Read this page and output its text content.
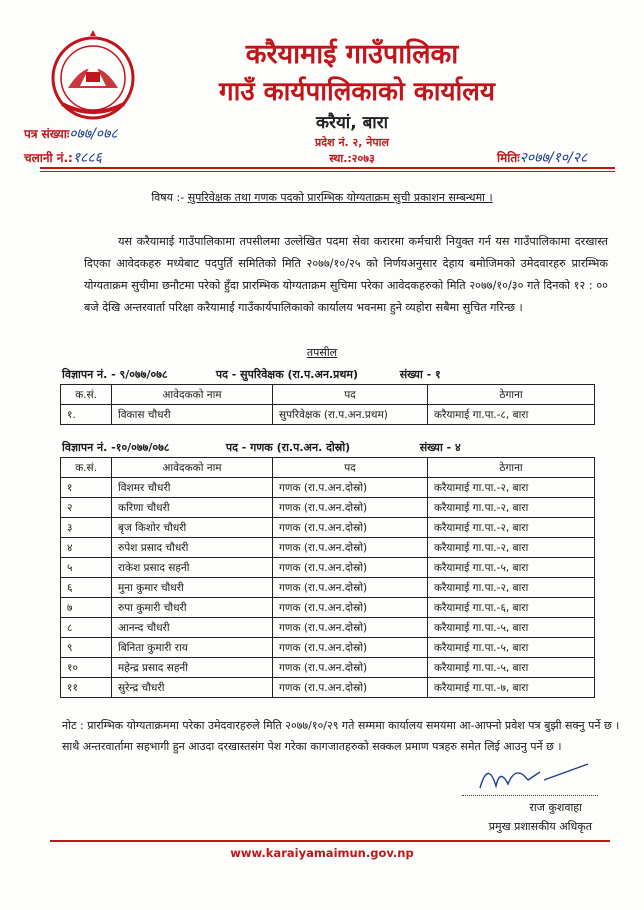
करैयामाई गाउँपालिका
गाउँ कार्यपालिकाको कार्यालय
करैयां, बारा
प्रदेश नं. २, नेपाल
स्था.:२०७३
पत्र संख्याः०७७/०७८
चलानी नं.:१८८६	मितिः२०७७/१०/२८
विषय :- सुपरिवेक्षक तथा गणक पदको प्रारम्भिक योग्यताक्रम सुची प्रकाशन सम्बन्धमा ।
यस करैयामाई गाउँपालिकामा तपसीलमा उल्लेखित पदमा सेवा करारमा कर्मचारी नियुक्त गर्न यस गाउँपालिकामा दरखास्त दिएका आवेदकहरु मध्येबाट पदपुर्ति समितिको मिति २०७७/१०/२५ को निर्णयअनुसार देहाय बमोजिमको उमेदवारहरु प्रारम्भिक योग्यताक्रम सुचीमा छनौटमा परेको हुँदा प्रारम्भिक योग्यताक्रम सुचिमा परेका आवेदकहरुको मिति २०७७/१०/३० गते दिनको १२ : ०० बजे देखि अन्तरवार्ता परिक्षा करैयामाई गाउँकार्यपालिकाको कार्यालय भवनमा हुने व्यहोरा सबैमा सुचित गरिन्छ ।
तपसील
विज्ञापन नं. - ९/०७७/०७८	पद - सुपरिवेक्षक (रा.प.अन.प्रथम)	संख्या - १
क.सं.	आवेदकको नाम	पद	ठेगाना
१.	विकास चौधरी	सुपरिवेक्षक (रा.प.अन.प्रथम)	करैयामाई गा.पा.-८, बारा
विज्ञापन नं. -१०/०७७/०७८	पद - गणक (रा.प.अन. दोस्रो)	संख्या - ४
क.सं.	आवेदकको नाम	पद	ठेगाना
१	विशमर चौधरी	गणक (रा.प.अन.दोस्रो)	करैयामाई गा.पा.-२, बारा
२	करिणा चौधरी	गणक (रा.प.अन.दोस्रो)	करैयामाई गा.पा.-२, बारा
३	बृज किशोर चौधरी	गणक (रा.प.अन.दोस्रो)	करैयामाई गा.पा.-२, बारा
४	रुपेश प्रसाद चौधरी	गणक (रा.प.अन.दोस्रो)	करैयामाई गा.पा.-२, बारा
५	राकेश प्रसाद सहनी	गणक (रा.प.अन.दोस्रो)	करैयामाई गा.पा.-५, बारा
६	मुना कुमार चौधरी	गणक (रा.प.अन.दोस्रो)	करैयामाई गा.पा.-२, बारा
७	रुपा कुमारी चौधरी	गणक (रा.प.अन.दोस्रो)	करैयामाई गा.पा.-६, बारा
८	आनन्द चौधरी	गणक (रा.प.अन.दोस्रो)	करैयामाई गा.पा.-५, बारा
९	बिनिता कुमारी राय	गणक (रा.प.अन.दोस्रो)	करैयामाई गा.पा.-५, बारा
१०	महेन्द्र प्रसाद सहनी	गणक (रा.प.अन.दोस्रो)	करैयामाई गा.पा.-५, बारा
११	सुरेन्द्र चौधरी	गणक (रा.प.अन.दोस्रो)	करैयामाई गा.पा.-७, बारा
नोट : प्रारम्भिक योग्यताक्रममा परेका उमेदवारहरुले मिति २०७७/१०/२९ गते सम्ममा कार्यालय समयमा आ-आफ्नो प्रवेश पत्र बुझी सक्नु पर्ने छ । साथै अन्तरवार्तामा सहभागी हुन आउदा दरखास्तसंग पेश गरेका कागजातहरुको सक्कल प्रमाण पत्रहरु समेत लिई आउनु पर्ने छ ।
राज कुशवाहा
प्रमुख प्रशासकीय अधिकृत
www.karaiyamaimun.gov.np
